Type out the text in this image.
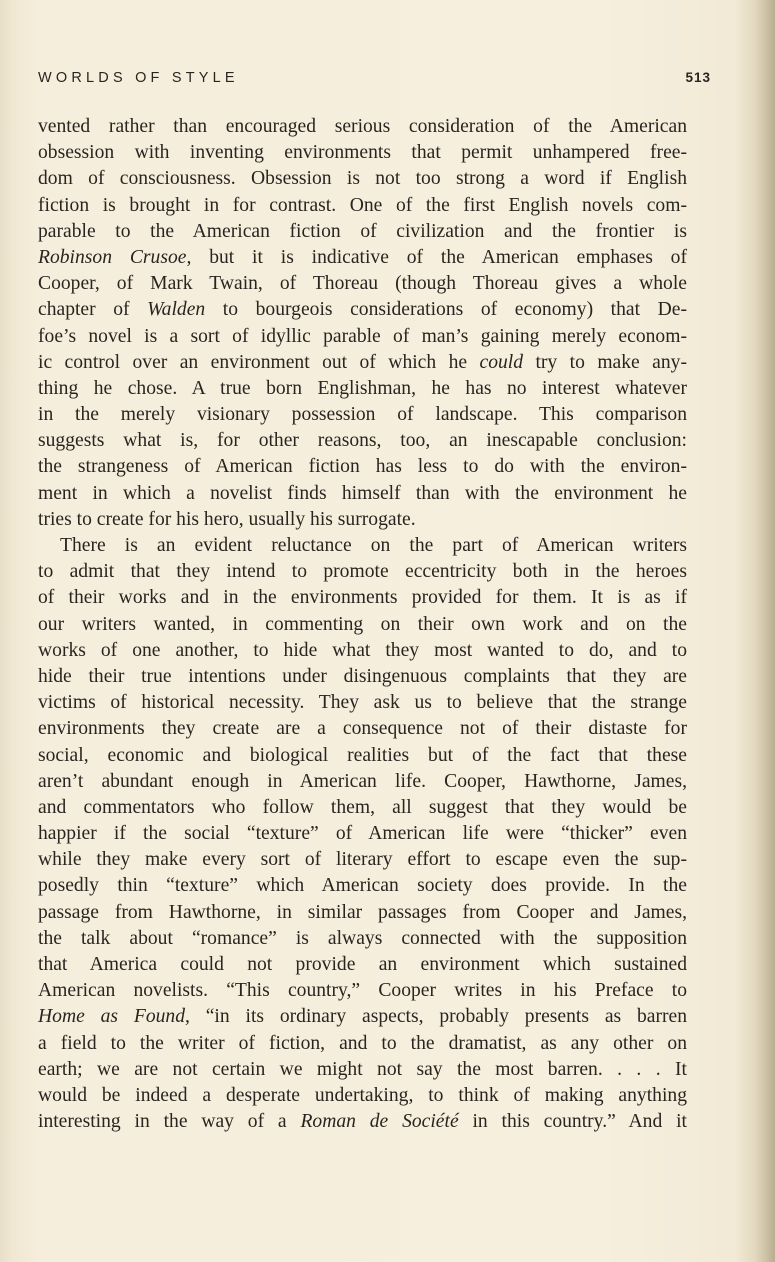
WORLDS OF STYLE	513
vented rather than encouraged serious consideration of the American
obsession with inventing environments that permit unhampered free-
dom of consciousness. Obsession is not too strong a word if English
fiction is brought in for contrast. One of the first English novels com-
parable to the American fiction of civilization and the frontier is
Robinson Crusoe, but it is indicative of the American emphases of
Cooper, of Mark Twain, of Thoreau (though Thoreau gives a whole
chapter of Walden to bourgeois considerations of economy) that De-
foe’s novel is a sort of idyllic parable of man’s gaining merely econom-
ic control over an environment out of which he could try to make any-
thing he chose. A true born Englishman, he has no interest whatever
in the merely visionary possession of landscape. This comparison
suggests what is, for other reasons, too, an inescapable conclusion:
the strangeness of American fiction has less to do with the environ-
ment in which a novelist finds himself than with the environment he
tries to create for his hero, usually his surrogate.
There is an evident reluctance on the part of American writers
to admit that they intend to promote eccentricity both in the heroes
of their works and in the environments provided for them. It is as if
our writers wanted, in commenting on their own work and on the
works of one another, to hide what they most wanted to do, and to
hide their true intentions under disingenuous complaints that they are
victims of historical necessity. They ask us to believe that the strange
environments they create are a consequence not of their distaste for
social, economic and biological realities but of the fact that these
aren’t abundant enough in American life. Cooper, Hawthorne, James,
and commentators who follow them, all suggest that they would be
happier if the social “texture” of American life were “thicker” even
while they make every sort of literary effort to escape even the sup-
posedly thin “texture” which American society does provide. In the
passage from Hawthorne, in similar passages from Cooper and James,
the talk about “romance” is always connected with the supposition
that America could not provide an environment which sustained
American novelists. “This country,” Cooper writes in his Preface to
Home as Found, “in its ordinary aspects, probably presents as barren
a field to the writer of fiction, and to the dramatist, as any other on
earth; we are not certain we might not say the most barren. . . . It
would be indeed a desperate undertaking, to think of making anything
interesting in the way of a Roman de Société in this country.” And it
